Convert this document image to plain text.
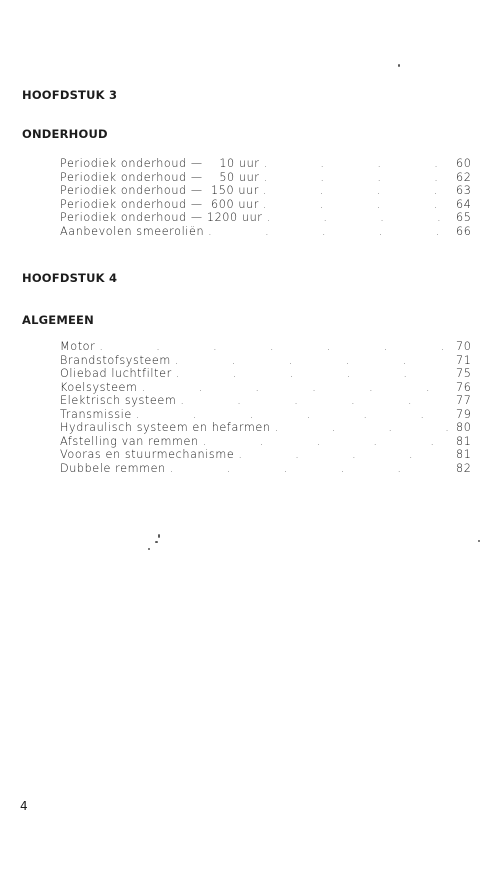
HOOFDSTUK 3
ONDERHOUD
Periodiek onderhoud —    10 uur .	60
Periodiek onderhoud —    50 uur .	62
Periodiek onderhoud —  150 uur .	63
Periodiek onderhoud —  600 uur .	64
Periodiek onderhoud — 1200 uur .	65
Aanbevolen smeeroliën .	66
HOOFDSTUK 4
ALGEMEEN
Motor .	70
Brandstofsysteem .	71
Oliebad luchtfilter .	75
Koelsysteem .	76
Elektrisch systeem .	77
Transmissie .	79
Hydraulisch systeem en hefarmen .	80
Afstelling van remmen .	81
Vooras en stuurmechanisme .	81
Dubbele remmen .	82

4
